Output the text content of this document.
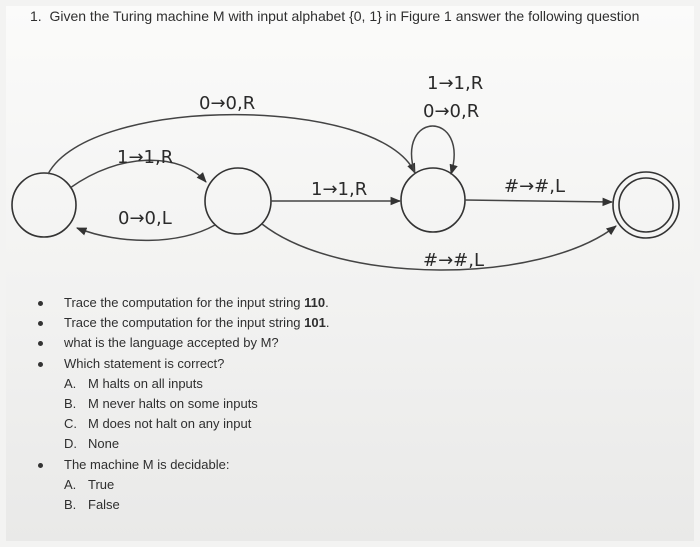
1. Given the Turing machine M with input alphabet {0, 1} in Figure 1 answer the following question
0→0,R
1→1,R
1→1,R
0→0,R
1→1,R
0→0,L
#→#,L
#→#,L
Trace the computation for the input string 110.
Trace the computation for the input string 101.
what is the language accepted by M?
Which statement is correct?
A. M halts on all inputs
B. M never halts on some inputs
C. M does not halt on any input
D. None
The machine M is decidable:
A. True
B. False
